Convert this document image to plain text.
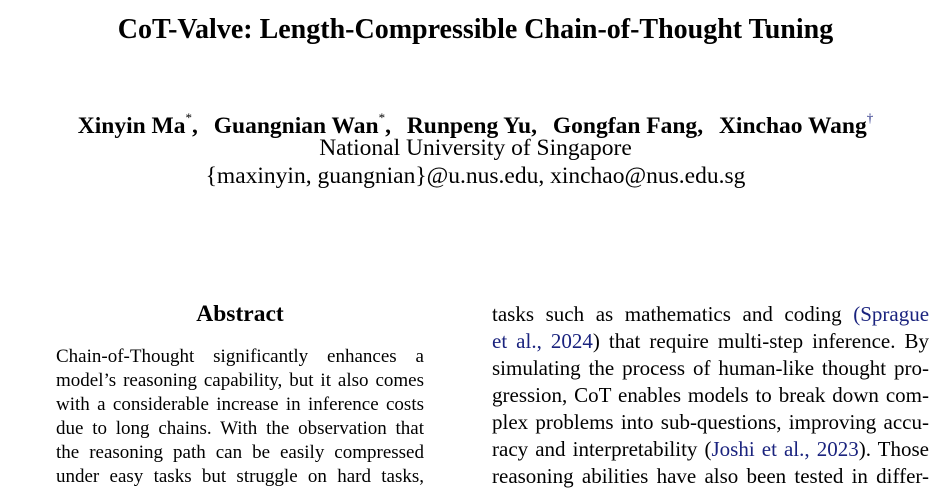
CoT-Valve: Length-Compressible Chain-of-Thought Tuning
Xinyin Ma*, Guangnian Wan*, Runpeng Yu, Gongfan Fang, Xinchao Wang†
National University of Singapore
{maxinyin, guangnian}@u.nus.edu, xinchao@nus.edu.sg
Abstract
Chain-of-Thought significantly enhances a
model’s reasoning capability, but it also comes
with a considerable increase in inference costs
due to long chains. With the observation that
the reasoning path can be easily compressed
under easy tasks but struggle on hard tasks,
tasks such as mathematics and coding (Sprague
et al., 2024) that require multi-step inference. By
simulating the process of human-like thought pro-
gression, CoT enables models to break down com-
plex problems into sub-questions, improving accu-
racy and interpretability (Joshi et al., 2023). Those
reasoning abilities have also been tested in differ-
